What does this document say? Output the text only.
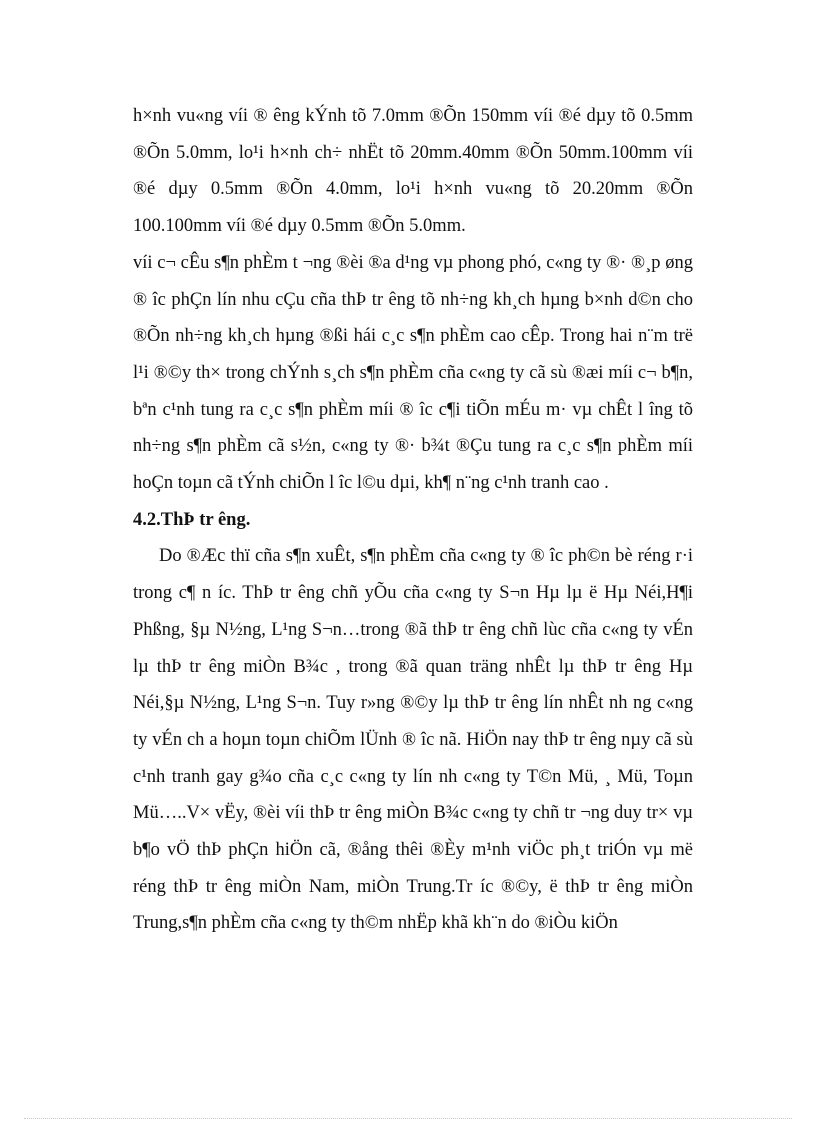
h×nh vu«ng víi ® êng kÝnh tõ 7.0mm ®Õn 150mm víi ®é dµy tõ 0.5mm ®Õn 5.0mm, lo¹i h×nh ch÷ nhËt tõ 20mm.40mm ®Õn 50mm.100mm víi ®é dµy 0.5mm ®Õn 4.0mm, lo¹i h×nh vu«ng tõ 20.20mm ®Õn 100.100mm víi ®é dµy 0.5mm ®Õn 5.0mm.

víi c¬ cÊu s¶n phÈm t ¬ng ®èi ®a d¹ng vµ phong phó, c«ng ty ®· ®¸p øng ® îc phÇn lín nhu cÇu cña thÞ tr êng tõ nh÷ng kh¸ch hµng b×nh d©n cho ®Õn nh÷ng kh¸ch hµng ®ßi hái c¸c s¶n phÈm cao cÊp. Trong hai n¨m trë l¹i ®©y th× trong chÝnh s¸ch s¶n phÈm cña c«ng ty cã sù ®æi míi c¬ b¶n, bªn c¹nh tung ra c¸c s¶n phÈm míi ® îc c¶i tiÕn mÉu m· vµ chÊt l îng tõ nh÷ng s¶n phÈm cã s½n, c«ng ty ®· b¾t ®Çu tung ra c¸c s¶n phÈm míi hoÇn toµn cã tÝnh chiÕn l îc l©u dµi, kh¶ n¨ng c¹nh tranh cao .

4.2.ThÞ tr êng.

Do ®Æc thï cña s¶n xuÊt, s¶n phÈm cña c«ng ty ® îc ph©n bè réng r·i trong c¶ n íc. ThÞ tr êng chñ yÕu cña c«ng ty S¬n Hµ lµ ë Hµ Néi,H¶i Phßng, §µ N½ng, L¹ng S¬n…trong ®ã thÞ tr êng chñ lùc cña c«ng ty vÉn lµ thÞ tr êng miÒn B¾c , trong ®ã quan träng nhÊt lµ thÞ tr êng Hµ Néi,§µ N½ng, L¹ng S¬n. Tuy r»ng ®©y lµ thÞ tr êng lín nhÊt nh ng c«ng ty vÉn ch a hoµn toµn chiÕm lÜnh ® îc nã. HiÖn nay thÞ tr êng nµy cã sù c¹nh tranh gay g¾o cña c¸c c«ng ty lín nh c«ng ty T©n Mü, ¸ Mü, Toµn Mü…..V× vËy, ®èi víi thÞ tr êng miÒn B¾c c«ng ty chñ tr ¬ng duy tr× vµ b¶o vÖ thÞ phÇn hiÖn cã, ®ång thêi ®Èy m¹nh viÖc ph¸t triÓn vµ më réng thÞ tr êng miÒn Nam, miÒn Trung.Tr íc ®©y, ë thÞ tr êng miÒn Trung,s¶n phÈm cña c«ng ty th©m nhËp khã kh¨n do ®iÒu kiÖn
